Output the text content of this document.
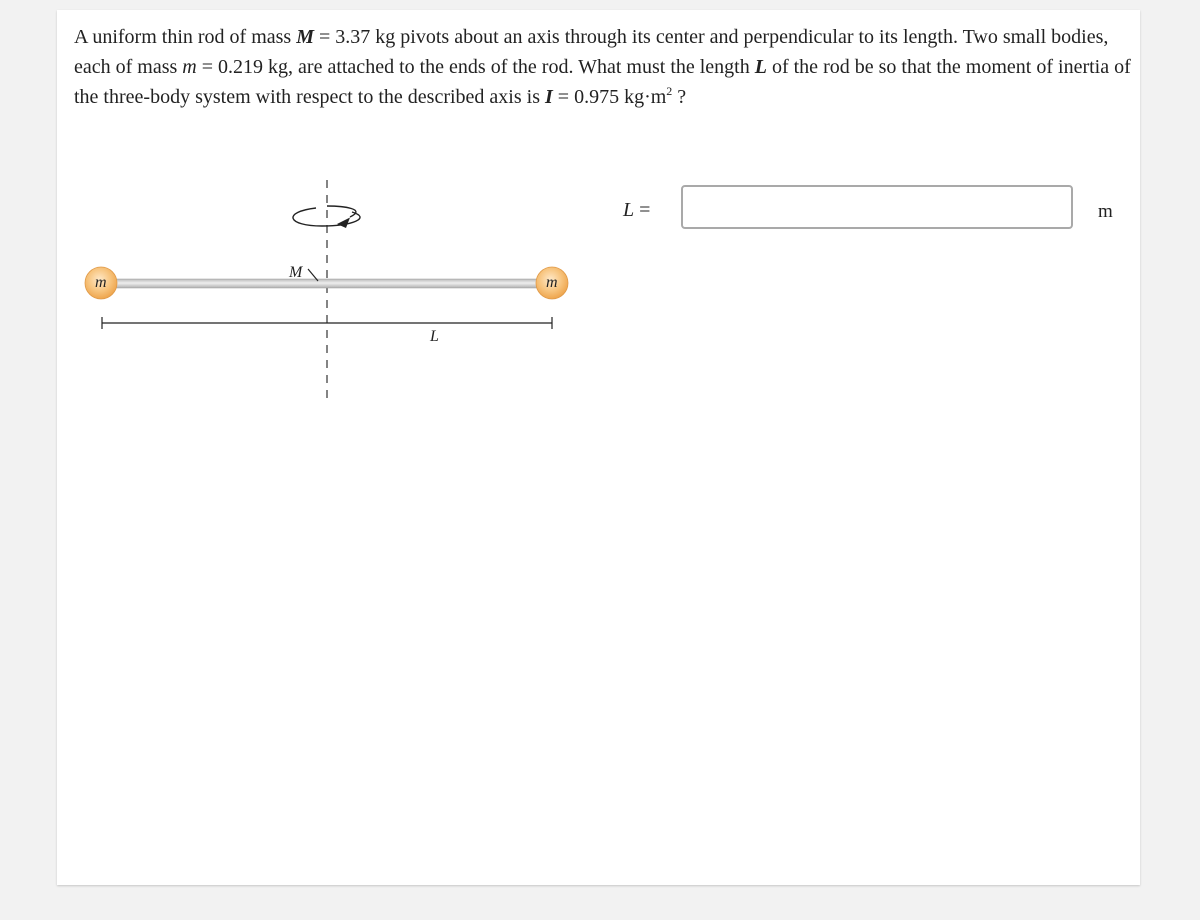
A uniform thin rod of mass M = 3.37 kg pivots about an axis through its center and perpendicular to its length. Two small bodies, each of mass m = 0.219 kg, are attached to the ends of the rod. What must the length L of the rod be so that the moment of inertia of the three-body system with respect to the described axis is I = 0.975 $kg\cdot m^2$ ?

m	m
M
L
L =	m
